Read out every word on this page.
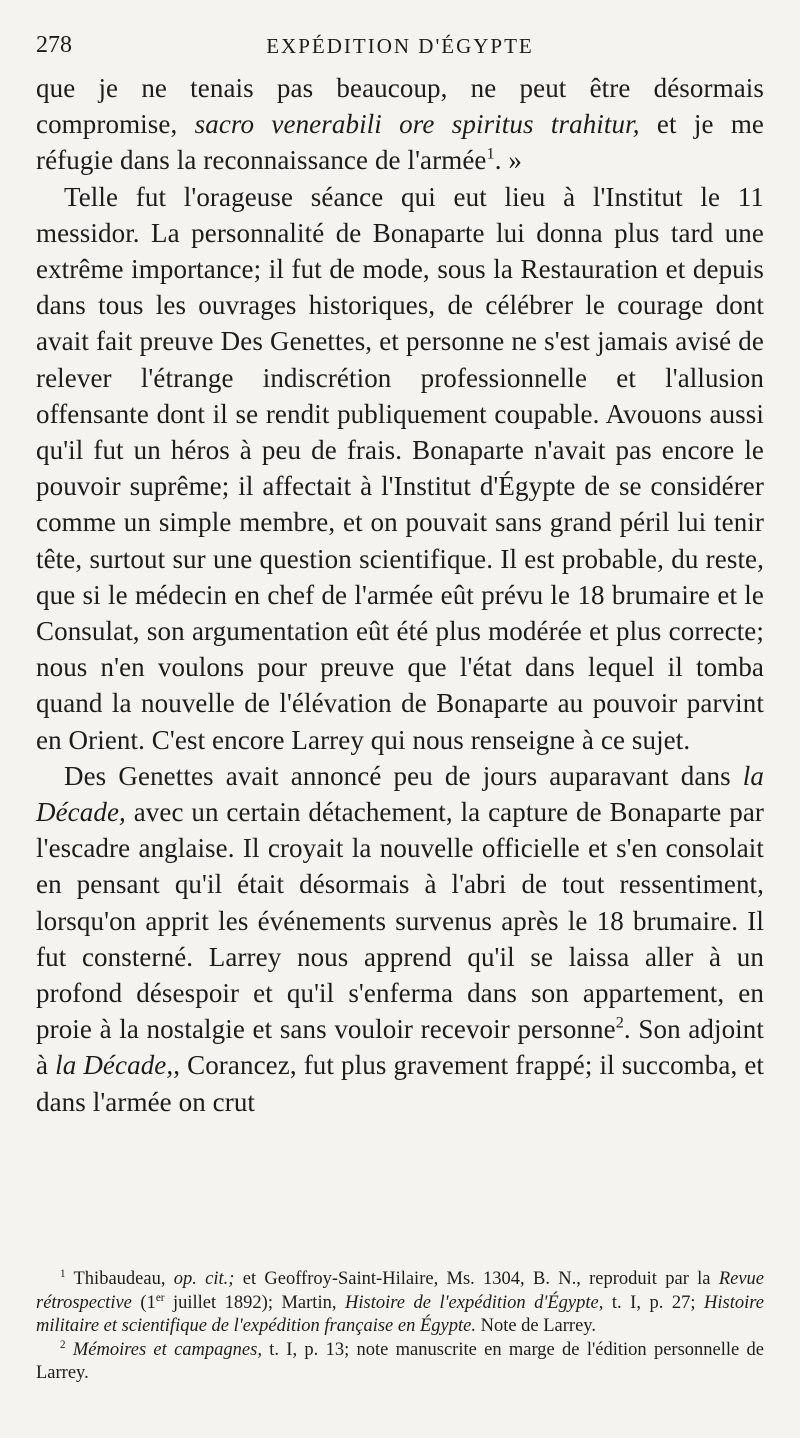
278	EXPÉDITION D'ÉGYPTE

que je ne tenais pas beaucoup, ne peut être désormais compromise, sacro venerabili ore spiritus trahitur, et je me réfugie dans la reconnaissance de l'armée$^1$. »

Telle fut l'orageuse séance qui eut lieu à l'Institut le 11 messidor. La personnalité de Bonaparte lui donna plus tard une extrême importance; il fut de mode, sous la Restauration et depuis dans tous les ouvrages historiques, de célébrer le courage dont avait fait preuve Des Genettes, et personne ne s'est jamais avisé de relever l'étrange indiscrétion professionnelle et l'allusion offensante dont il se rendit publiquement coupable. Avouons aussi qu'il fut un héros à peu de frais. Bonaparte n'avait pas encore le pouvoir suprême; il affectait à l'Institut d'Égypte de se considérer comme un simple membre, et on pouvait sans grand péril lui tenir tête, surtout sur une question scientifique. Il est probable, du reste, que si le médecin en chef de l'armée eût prévu le 18 brumaire et le Consulat, son argumentation eût été plus modérée et plus correcte; nous n'en voulons pour preuve que l'état dans lequel il tomba quand la nouvelle de l'élévation de Bonaparte au pouvoir parvint en Orient. C'est encore Larrey qui nous renseigne à ce sujet.

Des Genettes avait annoncé peu de jours auparavant dans la Décade, avec un certain détachement, la capture de Bonaparte par l'escadre anglaise. Il croyait la nouvelle officielle et s'en consolait en pensant qu'il était désormais à l'abri de tout ressentiment, lorsqu'on apprit les événements survenus après le 18 brumaire. Il fut consterné. Larrey nous apprend qu'il se laissa aller à un profond désespoir et qu'il s'enferma dans son appartement, en proie à la nostalgie et sans vouloir recevoir personne$^2$. Son adjoint à la Décade,, Corancez, fut plus gravement frappé; il succomba, et dans l'armée on crut

$^1$ Thibaudeau, op. cit.; et Geoffroy-Saint-Hilaire, Ms. 1304, B. N., reproduit par la Revue rétrospective (1er juillet 1892); Martin, Histoire de l'expédition d'Égypte, t. I, p. 27; Histoire militaire et scientifique de l'expédition française en Égypte. Note de Larrey.

$^2$ Mémoires et campagnes, t. I, p. 13; note manuscrite en marge de l'édition personnelle de Larrey.
